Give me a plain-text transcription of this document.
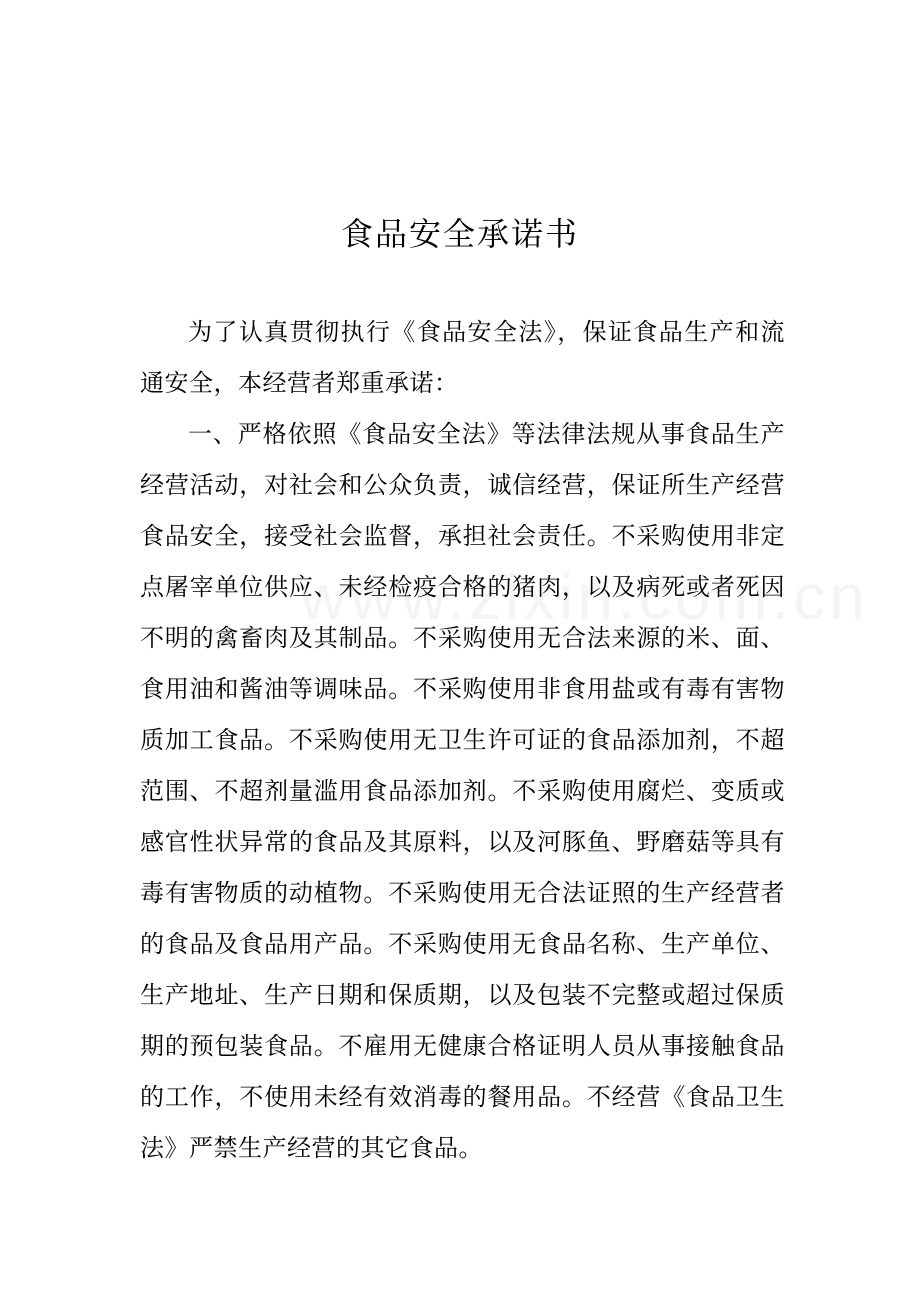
食品安全承诺书

为了认真贯彻执行《食品安全法》，保证食品生产和流通安全，本经营者郑重承诺：

一、严格依照《食品安全法》等法律法规从事食品生产经营活动，对社会和公众负责，诚信经营，保证所生产经营食品安全，接受社会监督，承担社会责任。不采购使用非定点屠宰单位供应、未经检疫合格的猪肉，以及病死或者死因不明的禽畜肉及其制品。不采购使用无合法来源的米、面、食用油和酱油等调味品。不采购使用非食用盐或有毒有害物质加工食品。不采购使用无卫生许可证的食品添加剂，不超范围、不超剂量滥用食品添加剂。不采购使用腐烂、变质或感官性状异常的食品及其原料，以及河豚鱼、野磨菇等具有毒有害物质的动植物。不采购使用无合法证照的生产经营者的食品及食品用产品。不采购使用无食品名称、生产单位、生产地址、生产日期和保质期，以及包装不完整或超过保质期的预包装食品。不雇用无健康合格证明人员从事接触食品的工作，不使用未经有效消毒的餐用品。不经营《食品卫生法》严禁生产经营的其它食品。
